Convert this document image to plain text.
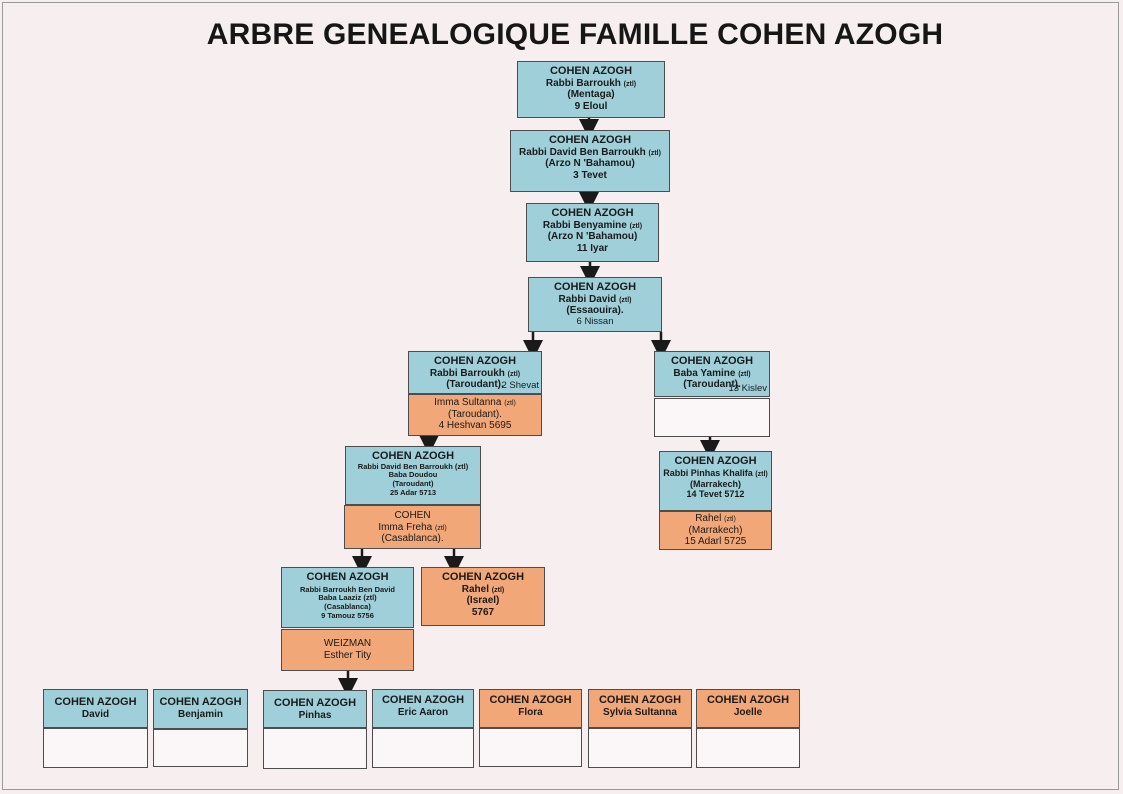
ARBRE GENEALOGIQUE FAMILLE COHEN AZOGH
COHEN AZOGH
Rabbi Barroukh (ztl)
(Mentaga)
9 Eloul
COHEN AZOGH
Rabbi David Ben Barroukh (ztl)
(Arzo N 'Bahamou)
3 Tevet
COHEN AZOGH
Rabbi Benyamine (ztl)
(Arzo N 'Bahamou)
11 Iyar
COHEN AZOGH
Rabbi David (ztl)
(Essaouira).
6 Nissan
COHEN AZOGH
Rabbi Barroukh (ztl)
(Taroudant).
2 Shevat
Imma Sultanna (ztl)
(Taroudant).
4 Heshvan 5695
COHEN AZOGH
Baba Yamine (ztl)
(Taroudant).
13 Kislev
COHEN AZOGH
Rabbi David Ben Barroukh (ztl)
Baba Doudou
(Taroudant)
25 Adar 5713
COHEN
Imma Freha (ztl)
(Casablanca).
COHEN AZOGH
Rabbi Pinhas Khalifa (ztl)
(Marrakech)
14 Tevet 5712
Rahel (ztl)
(Marrakech)
15 Adarl 5725
COHEN AZOGH
Rabbi Barroukh Ben David
Baba Laaziz (ztl)
(Casablanca)
9 Tamouz 5756
WEIZMAN
Esther Tity
COHEN AZOGH
Rahel (ztl)
(Israel)
5767
COHEN AZOGH
David
COHEN AZOGH
Benjamin
COHEN AZOGH
Pinhas
COHEN AZOGH
Eric Aaron
COHEN AZOGH
Flora
COHEN AZOGH
Sylvia Sultanna
COHEN AZOGH
Joelle
